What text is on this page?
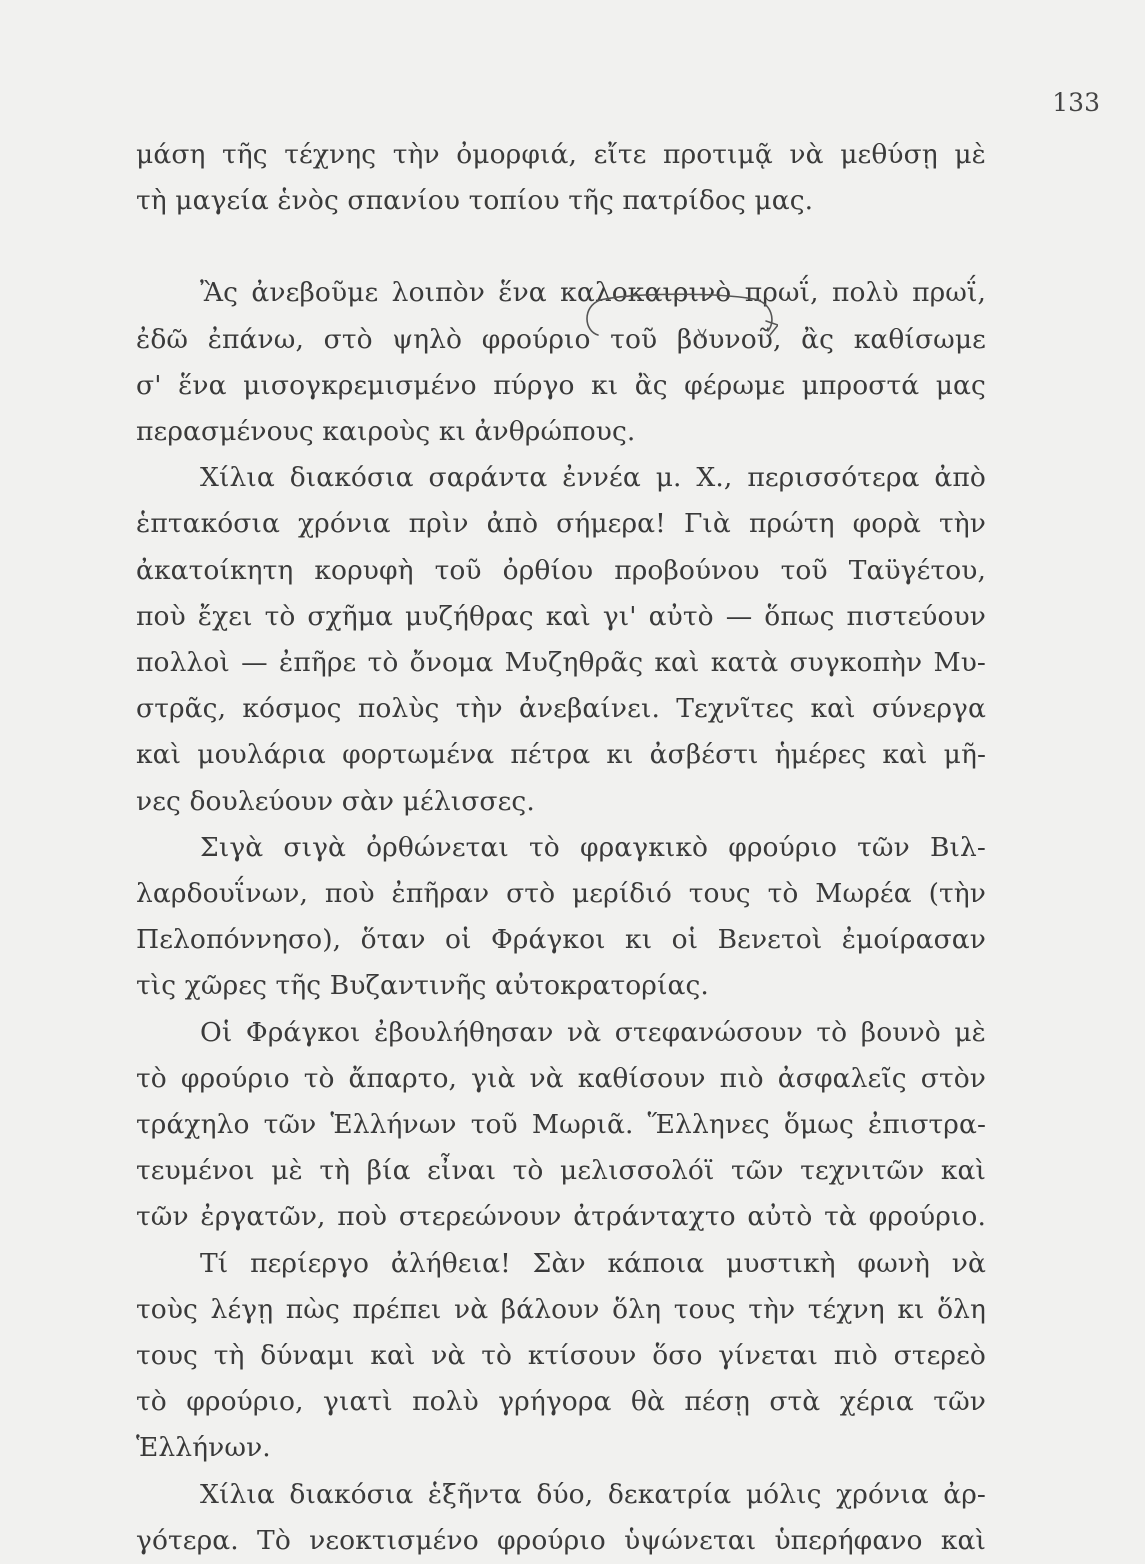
133

μάση τῆς τέχνης τὴν ὀμορφιά, εἴτε προτιμᾷ νὰ μεθύσῃ μὲ
τὴ μαγεία ἑνὸς σπανίου τοπίου τῆς πατρίδος μας.

Ἂς ἀνεβοῦμε λοιπὸν ἕνα καλοκαιρινὸ πρωΐ, πολὺ πρωΐ,
ἐδῶ ἐπάνω, στὸ ψηλὸ φρούριο τοῦ βουνοῦ, ἂς καθίσωμε
σ' ἕνα μισογκρεμισμένο πύργο κι ἂς φέρωμε μπροστά μας
περασμένους καιροὺς κι ἀνθρώπους.

Χίλια διακόσια σαράντα ἐννέα μ. Χ., περισσότερα ἀπὸ
ἑπτακόσια χρόνια πρὶν ἀπὸ σήμερα! Γιὰ πρώτη φορὰ τὴν
ἀκατοίκητη κορυφὴ τοῦ ὀρθίου προβούνου τοῦ Ταϋγέτου,
ποὺ ἔχει τὸ σχῆμα μυζήθρας καὶ γι' αὐτὸ — ὅπως πιστεύουν
πολλοὶ — ἐπῆρε τὸ ὄνομα Μυζηθρᾶς καὶ κατὰ συγκοπὴν Μυ-
στρᾶς, κόσμος πολὺς τὴν ἀνεβαίνει. Τεχνῖτες καὶ σύνεργα
καὶ μουλάρια φορτωμένα πέτρα κι ἀσβέστι ἡμέρες καὶ μῆ-
νες δουλεύουν σὰν μέλισσες.

Σιγὰ σιγὰ ὀρθώνεται τὸ φραγκικὸ φρούριο τῶν Βιλ-
λαρδουΐνων, ποὺ ἐπῆραν στὸ μερίδιό τους τὸ Μωρέα (τὴν
Πελοπόννησο), ὅταν οἱ Φράγκοι κι οἱ Βενετοὶ ἐμοίρασαν
τὶς χῶρες τῆς Βυζαντινῆς αὐτοκρατορίας.

Οἱ Φράγκοι ἐβουλήθησαν νὰ στεφανώσουν τὸ βουνὸ μὲ
τὸ φρούριο τὸ ἄπαρτο, γιὰ νὰ καθίσουν πιὸ ἀσφαλεῖς στὸν
τράχηλο τῶν Ἑλλήνων τοῦ Μωριᾶ. Ἕλληνες ὅμως ἐπιστρα-
τευμένοι μὲ τὴ βία εἶναι τὸ μελισσολόϊ τῶν τεχνιτῶν καὶ
τῶν ἐργατῶν, ποὺ στερεώνουν ἀτράνταχτο αὐτὸ τὰ φρούριο.

Τί περίεργο ἀλήθεια! Σὰν κάποια μυστικὴ φωνὴ νὰ
τοὺς λέγῃ πὼς πρέπει νὰ βάλουν ὅλη τους τὴν τέχνη κι ὅλη
τους τὴ δύναμι καὶ νὰ τὸ κτίσουν ὅσο γίνεται πιὸ στερεὸ
τὸ φρούριο, γιατὶ πολὺ γρήγορα θὰ πέσῃ στὰ χέρια τῶν
Ἑλλήνων.

Χίλια διακόσια ἑξῆντα δύο, δεκατρία μόλις χρόνια ἀρ-
γότερα. Τὸ νεοκτισμένο φρούριο ὑψώνεται ὑπερήφανο καὶ
